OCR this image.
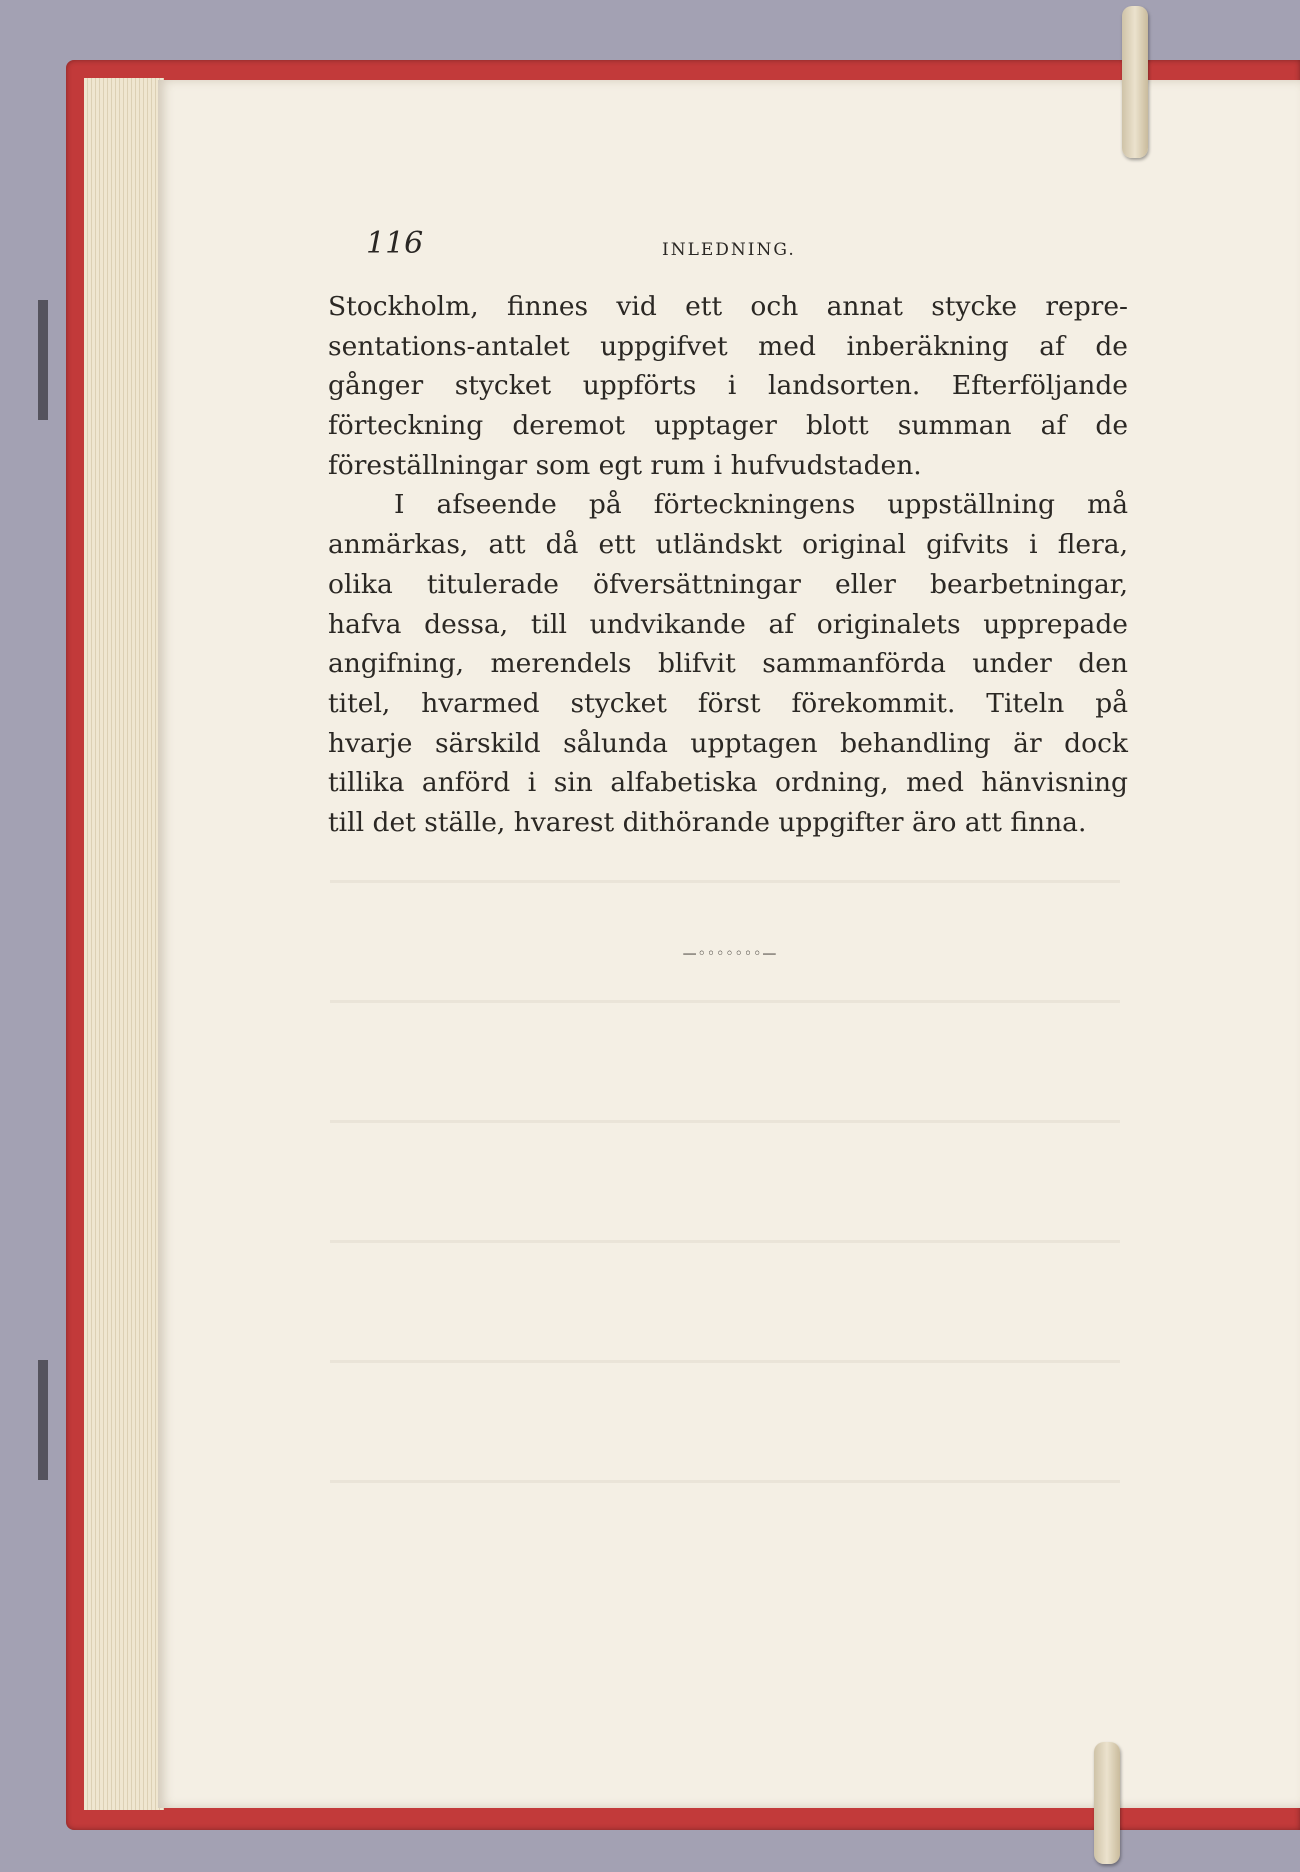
116	INLEDNING.
Stockholm, finnes vid ett och annat stycke repre-
sentations-antalet uppgifvet med inberäkning af de
gånger stycket uppförts i landsorten. Efterföljande
förteckning deremot upptager blott summan af de
föreställningar som egt rum i hufvudstaden.
I afseende på förteckningens uppställning må
anmärkas, att då ett utländskt original gifvits i flera,
olika titulerade öfversättningar eller bearbetningar,
hafva dessa, till undvikande af originalets upprepade
angifning, merendels blifvit sammanförda under den
titel, hvarmed stycket först förekommit. Titeln på
hvarje särskild sålunda upptagen behandling är dock
tillika anförd i sin alfabetiska ordning, med hänvisning
till det ställe, hvarest dithörande uppgifter äro att finna.
—◦◦◦◦◦◦◦—
